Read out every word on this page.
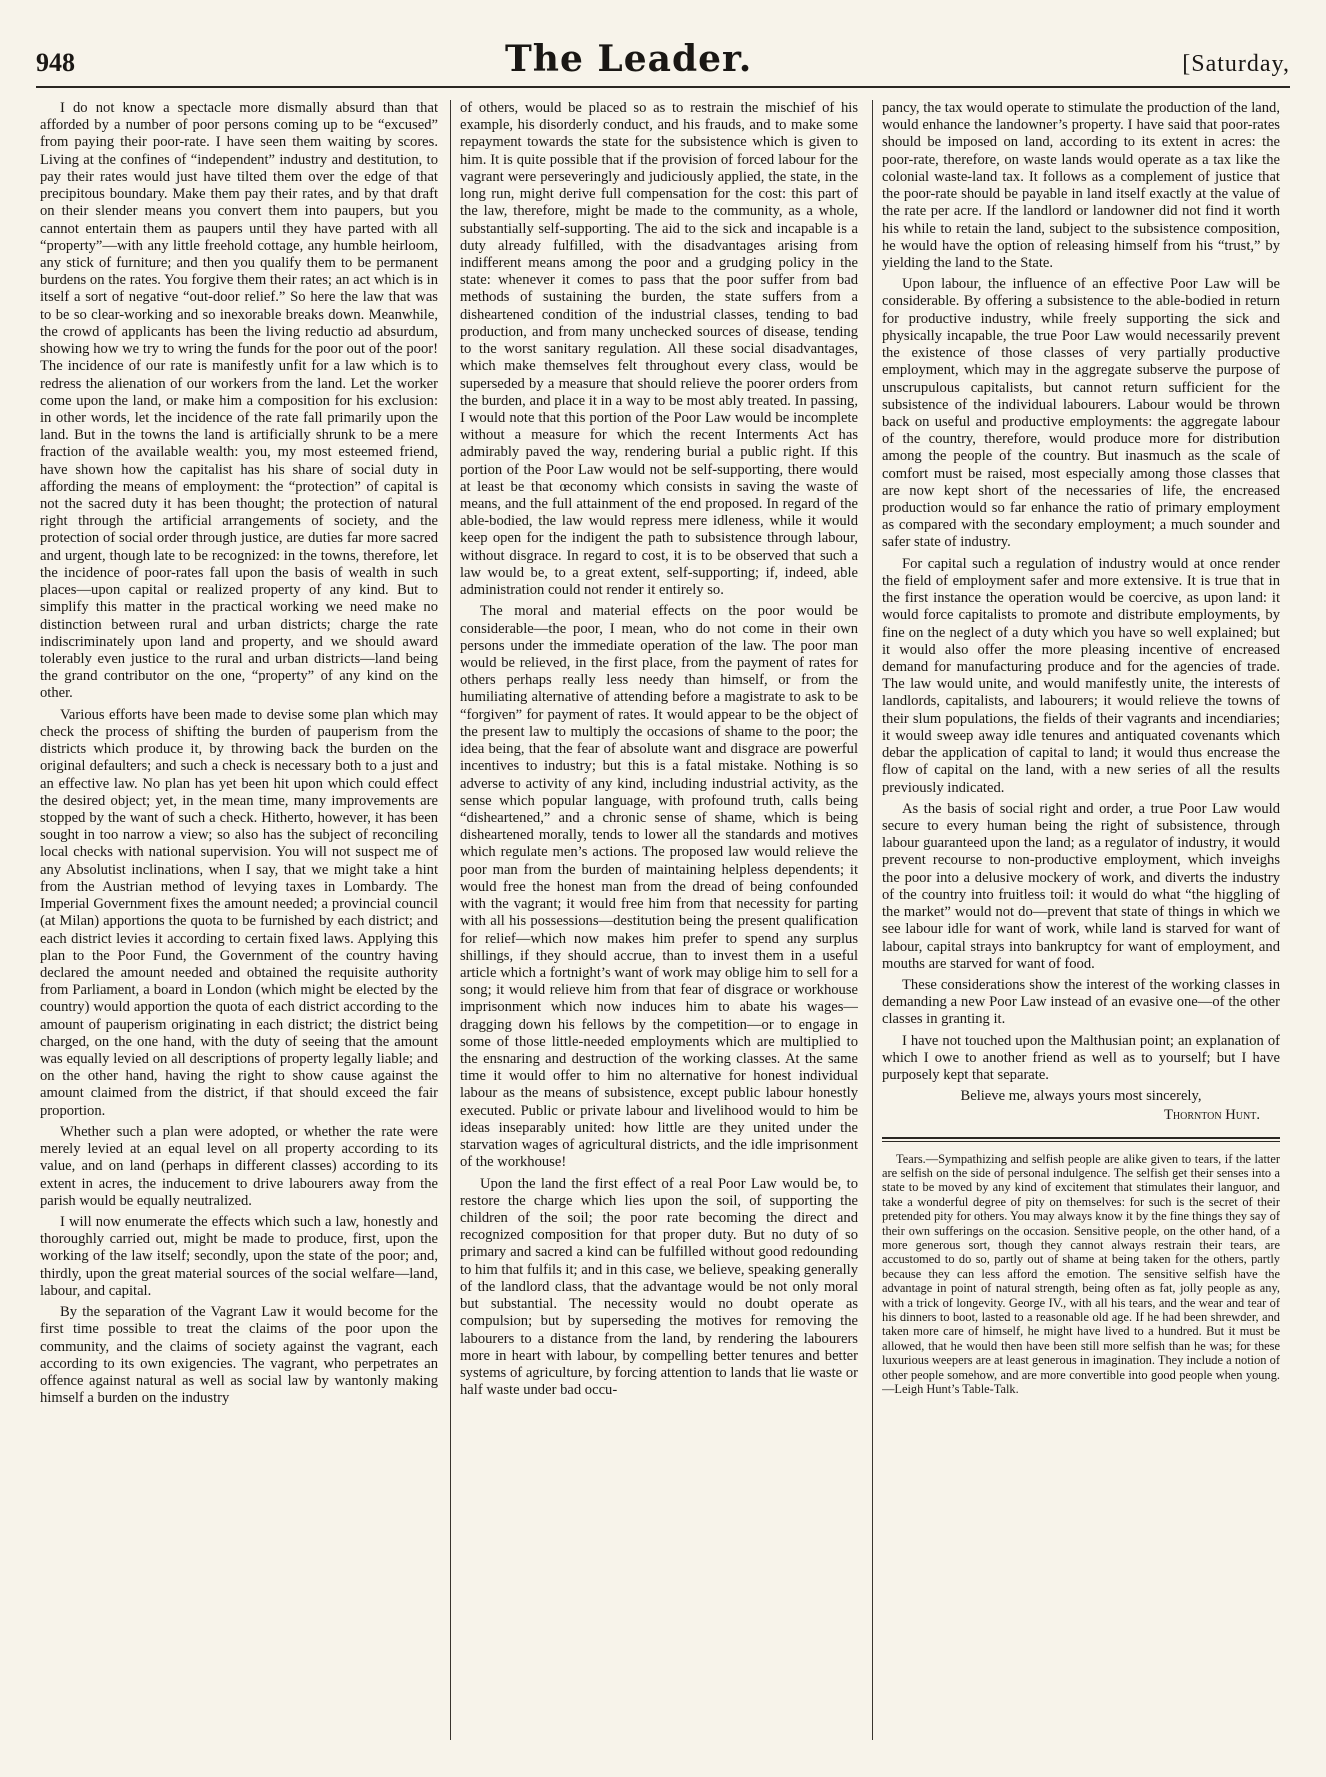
948	The Leader.	[Saturday,

I do not know a spectacle more dismally absurd than that afforded by a number of poor persons coming up to be “excused” from paying their poor-rate. I have seen them waiting by scores. Living at the confines of “independent” industry and destitution, to pay their rates would just have tilted them over the edge of that precipitous boundary. Make them pay their rates, and by that draft on their slender means you convert them into paupers, but you cannot entertain them as paupers until they have parted with all “property”—with any little freehold cottage, any humble heirloom, any stick of furniture; and then you qualify them to be permanent burdens on the rates. You forgive them their rates; an act which is in itself a sort of negative “out-door relief.” So here the law that was to be so clear-working and so inexorable breaks down. Meanwhile, the crowd of applicants has been the living reductio ad absurdum, showing how we try to wring the funds for the poor out of the poor! The incidence of our rate is manifestly unfit for a law which is to redress the alienation of our workers from the land. Let the worker come upon the land, or make him a composition for his exclusion: in other words, let the incidence of the rate fall primarily upon the land. But in the towns the land is artificially shrunk to be a mere fraction of the available wealth: you, my most esteemed friend, have shown how the capitalist has his share of social duty in affording the means of employment: the “protection” of capital is not the sacred duty it has been thought; the protection of natural right through the artificial arrangements of society, and the protection of social order through justice, are duties far more sacred and urgent, though late to be recognized: in the towns, therefore, let the incidence of poor-rates fall upon the basis of wealth in such places—upon capital or realized property of any kind. But to simplify this matter in the practical working we need make no distinction between rural and urban districts; charge the rate indiscriminately upon land and property, and we should award tolerably even justice to the rural and urban districts—land being the grand contributor on the one, “property” of any kind on the other.

Various efforts have been made to devise some plan which may check the process of shifting the burden of pauperism from the districts which produce it, by throwing back the burden on the original defaulters; and such a check is necessary both to a just and an effective law. No plan has yet been hit upon which could effect the desired object; yet, in the mean time, many improvements are stopped by the want of such a check. Hitherto, however, it has been sought in too narrow a view; so also has the subject of reconciling local checks with national supervision. You will not suspect me of any Absolutist inclinations, when I say, that we might take a hint from the Austrian method of levying taxes in Lombardy. The Imperial Government fixes the amount needed; a provincial council (at Milan) apportions the quota to be furnished by each district; and each district levies it according to certain fixed laws. Applying this plan to the Poor Fund, the Government of the country having declared the amount needed and obtained the requisite authority from Parliament, a board in London (which might be elected by the country) would apportion the quota of each district according to the amount of pauperism originating in each district; the district being charged, on the one hand, with the duty of seeing that the amount was equally levied on all descriptions of property legally liable; and on the other hand, having the right to show cause against the amount claimed from the district, if that should exceed the fair proportion.

Whether such a plan were adopted, or whether the rate were merely levied at an equal level on all property according to its value, and on land (perhaps in different classes) according to its extent in acres, the inducement to drive labourers away from the parish would be equally neutralized.

I will now enumerate the effects which such a law, honestly and thoroughly carried out, might be made to produce, first, upon the working of the law itself; secondly, upon the state of the poor; and, thirdly, upon the great material sources of the social welfare—land, labour, and capital.

By the separation of the Vagrant Law it would become for the first time possible to treat the claims of the poor upon the community, and the claims of society against the vagrant, each according to its own exigencies. The vagrant, who perpetrates an offence against natural as well as social law by wantonly making himself a burden on the industry

of others, would be placed so as to restrain the mischief of his example, his disorderly conduct, and his frauds, and to make some repayment towards the state for the subsistence which is given to him. It is quite possible that if the provision of forced labour for the vagrant were perseveringly and judiciously applied, the state, in the long run, might derive full compensation for the cost: this part of the law, therefore, might be made to the community, as a whole, substantially self-supporting. The aid to the sick and incapable is a duty already fulfilled, with the disadvantages arising from indifferent means among the poor and a grudging policy in the state: whenever it comes to pass that the poor suffer from bad methods of sustaining the burden, the state suffers from a disheartened condition of the industrial classes, tending to bad production, and from many unchecked sources of disease, tending to the worst sanitary regulation. All these social disadvantages, which make themselves felt throughout every class, would be superseded by a measure that should relieve the poorer orders from the burden, and place it in a way to be most ably treated. In passing, I would note that this portion of the Poor Law would be incomplete without a measure for which the recent Interments Act has admirably paved the way, rendering burial a public right. If this portion of the Poor Law would not be self-supporting, there would at least be that œconomy which consists in saving the waste of means, and the full attainment of the end proposed. In regard of the able-bodied, the law would repress mere idleness, while it would keep open for the indigent the path to subsistence through labour, without disgrace. In regard to cost, it is to be observed that such a law would be, to a great extent, self-supporting; if, indeed, able administration could not render it entirely so.

The moral and material effects on the poor would be considerable—the poor, I mean, who do not come in their own persons under the immediate operation of the law. The poor man would be relieved, in the first place, from the payment of rates for others perhaps really less needy than himself, or from the humiliating alternative of attending before a magistrate to ask to be “forgiven” for payment of rates. It would appear to be the object of the present law to multiply the occasions of shame to the poor; the idea being, that the fear of absolute want and disgrace are powerful incentives to industry; but this is a fatal mistake. Nothing is so adverse to activity of any kind, including industrial activity, as the sense which popular language, with profound truth, calls being “disheartened,” and a chronic sense of shame, which is being disheartened morally, tends to lower all the standards and motives which regulate men’s actions. The proposed law would relieve the poor man from the burden of maintaining helpless dependents; it would free the honest man from the dread of being confounded with the vagrant; it would free him from that necessity for parting with all his possessions—destitution being the present qualification for relief—which now makes him prefer to spend any surplus shillings, if they should accrue, than to invest them in a useful article which a fortnight’s want of work may oblige him to sell for a song; it would relieve him from that fear of disgrace or workhouse imprisonment which now induces him to abate his wages—dragging down his fellows by the competition—or to engage in some of those little-needed employments which are multiplied to the ensnaring and destruction of the working classes. At the same time it would offer to him no alternative for honest individual labour as the means of subsistence, except public labour honestly executed. Public or private labour and livelihood would to him be ideas inseparably united: how little are they united under the starvation wages of agricultural districts, and the idle imprisonment of the workhouse!

Upon the land the first effect of a real Poor Law would be, to restore the charge which lies upon the soil, of supporting the children of the soil; the poor rate becoming the direct and recognized composition for that proper duty. But no duty of so primary and sacred a kind can be fulfilled without good redounding to him that fulfils it; and in this case, we believe, speaking generally of the landlord class, that the advantage would be not only moral but substantial. The necessity would no doubt operate as compulsion; but by superseding the motives for removing the labourers to a distance from the land, by rendering the labourers more in heart with labour, by compelling better tenures and better systems of agriculture, by forcing attention to lands that lie waste or half waste under bad occu-

pancy, the tax would operate to stimulate the production of the land, would enhance the landowner’s property. I have said that poor-rates should be imposed on land, according to its extent in acres: the poor-rate, therefore, on waste lands would operate as a tax like the colonial waste-land tax. It follows as a complement of justice that the poor-rate should be payable in land itself exactly at the value of the rate per acre. If the landlord or landowner did not find it worth his while to retain the land, subject to the subsistence composition, he would have the option of releasing himself from his “trust,” by yielding the land to the State.

Upon labour, the influence of an effective Poor Law will be considerable. By offering a subsistence to the able-bodied in return for productive industry, while freely supporting the sick and physically incapable, the true Poor Law would necessarily prevent the existence of those classes of very partially productive employment, which may in the aggregate subserve the purpose of unscrupulous capitalists, but cannot return sufficient for the subsistence of the individual labourers. Labour would be thrown back on useful and productive employments: the aggregate labour of the country, therefore, would produce more for distribution among the people of the country. But inasmuch as the scale of comfort must be raised, most especially among those classes that are now kept short of the necessaries of life, the encreased production would so far enhance the ratio of primary employment as compared with the secondary employment; a much sounder and safer state of industry.

For capital such a regulation of industry would at once render the field of employment safer and more extensive. It is true that in the first instance the operation would be coercive, as upon land: it would force capitalists to promote and distribute employments, by fine on the neglect of a duty which you have so well explained; but it would also offer the more pleasing incentive of encreased demand for manufacturing produce and for the agencies of trade. The law would unite, and would manifestly unite, the interests of landlords, capitalists, and labourers; it would relieve the towns of their slum populations, the fields of their vagrants and incendiaries; it would sweep away idle tenures and antiquated covenants which debar the application of capital to land; it would thus encrease the flow of capital on the land, with a new series of all the results previously indicated.

As the basis of social right and order, a true Poor Law would secure to every human being the right of subsistence, through labour guaranteed upon the land; as a regulator of industry, it would prevent recourse to non-productive employment, which inveighs the poor into a delusive mockery of work, and diverts the industry of the country into fruitless toil: it would do what “the higgling of the market” would not do—prevent that state of things in which we see labour idle for want of work, while land is starved for want of labour, capital strays into bankruptcy for want of employment, and mouths are starved for want of food.

These considerations show the interest of the working classes in demanding a new Poor Law instead of an evasive one—of the other classes in granting it.

I have not touched upon the Malthusian point; an explanation of which I owe to another friend as well as to yourself; but I have purposely kept that separate.

Believe me, always yours most sincerely,
Thornton Hunt.

Tears.—Sympathizing and selfish people are alike given to tears, if the latter are selfish on the side of personal indulgence. The selfish get their senses into a state to be moved by any kind of excitement that stimulates their languor, and take a wonderful degree of pity on themselves: for such is the secret of their pretended pity for others. You may always know it by the fine things they say of their own sufferings on the occasion. Sensitive people, on the other hand, of a more generous sort, though they cannot always restrain their tears, are accustomed to do so, partly out of shame at being taken for the others, partly because they can less afford the emotion. The sensitive selfish have the advantage in point of natural strength, being often as fat, jolly people as any, with a trick of longevity. George IV., with all his tears, and the wear and tear of his dinners to boot, lasted to a reasonable old age. If he had been shrewder, and taken more care of himself, he might have lived to a hundred. But it must be allowed, that he would then have been still more selfish than he was; for these luxurious weepers are at least generous in imagination. They include a notion of other people somehow, and are more convertible into good people when young.—Leigh Hunt’s Table-Talk.
